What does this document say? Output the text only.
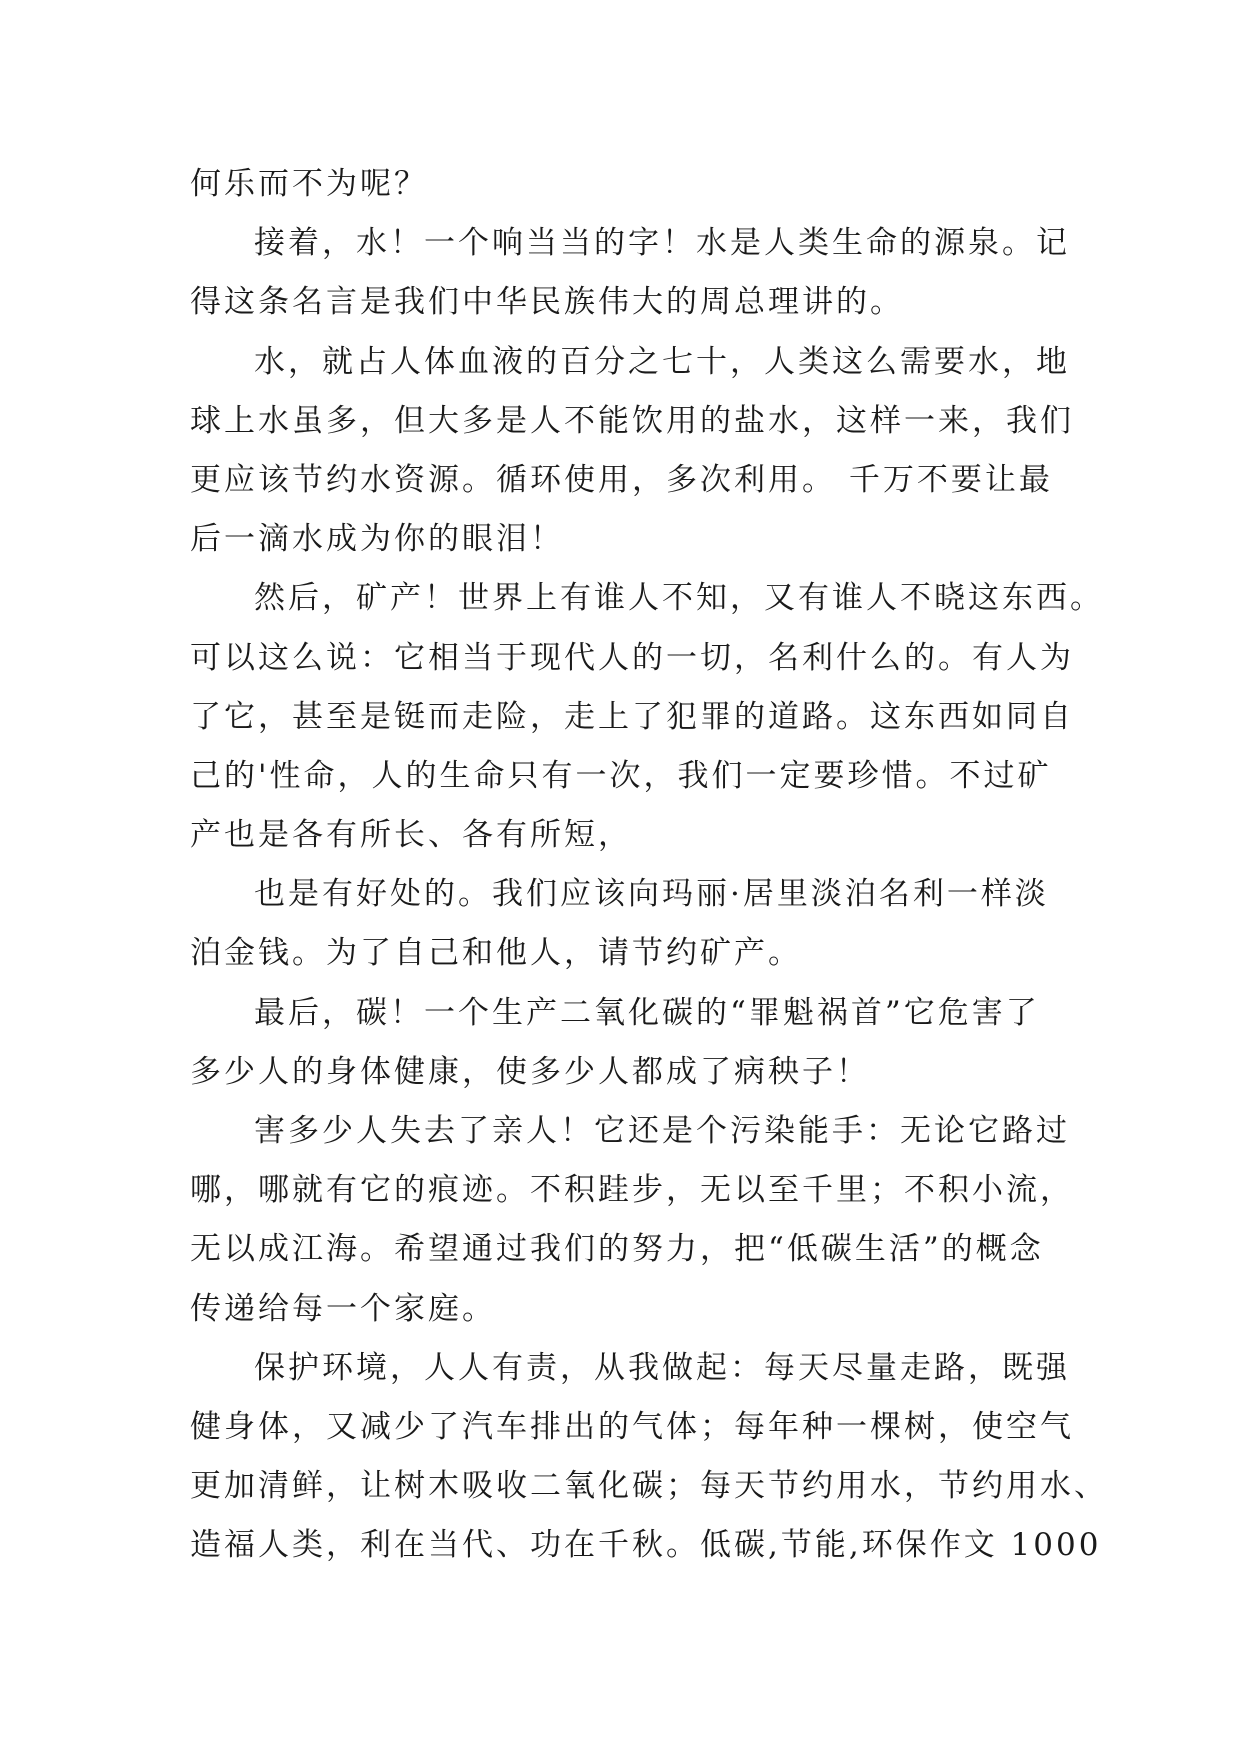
何乐而不为呢？
接着，水！一个响当当的字！水是人类生命的源泉。记
得这条名言是我们中华民族伟大的周总理讲的。
水，就占人体血液的百分之七十，人类这么需要水，地
球上水虽多，但大多是人不能饮用的盐水，这样一来，我们
更应该节约水资源。循环使用，多次利用。 千万不要让最
后一滴水成为你的眼泪！
然后，矿产！世界上有谁人不知，又有谁人不晓这东西。
可以这么说：它相当于现代人的一切，名利什么的。有人为
了它，甚至是铤而走险，走上了犯罪的道路。这东西如同自
己的'性命，人的生命只有一次，我们一定要珍惜。不过矿
产也是各有所长、各有所短，
也是有好处的。我们应该向玛丽·居里淡泊名利一样淡
泊金钱。为了自己和他人，请节约矿产。
最后，碳！一个生产二氧化碳的“罪魁祸首”它危害了
多少人的身体健康，使多少人都成了病秧子！
害多少人失去了亲人！它还是个污染能手：无论它路过
哪，哪就有它的痕迹。不积跬步，无以至千里；不积小流，
无以成江海。希望通过我们的努力，把“低碳生活”的概念
传递给每一个家庭。
保护环境，人人有责，从我做起：每天尽量走路，既强
健身体，又减少了汽车排出的气体；每年种一棵树，使空气
更加清鲜，让树木吸收二氧化碳；每天节约用水，节约用水、
造福人类，利在当代、功在千秋。低碳,节能,环保作文 1000
